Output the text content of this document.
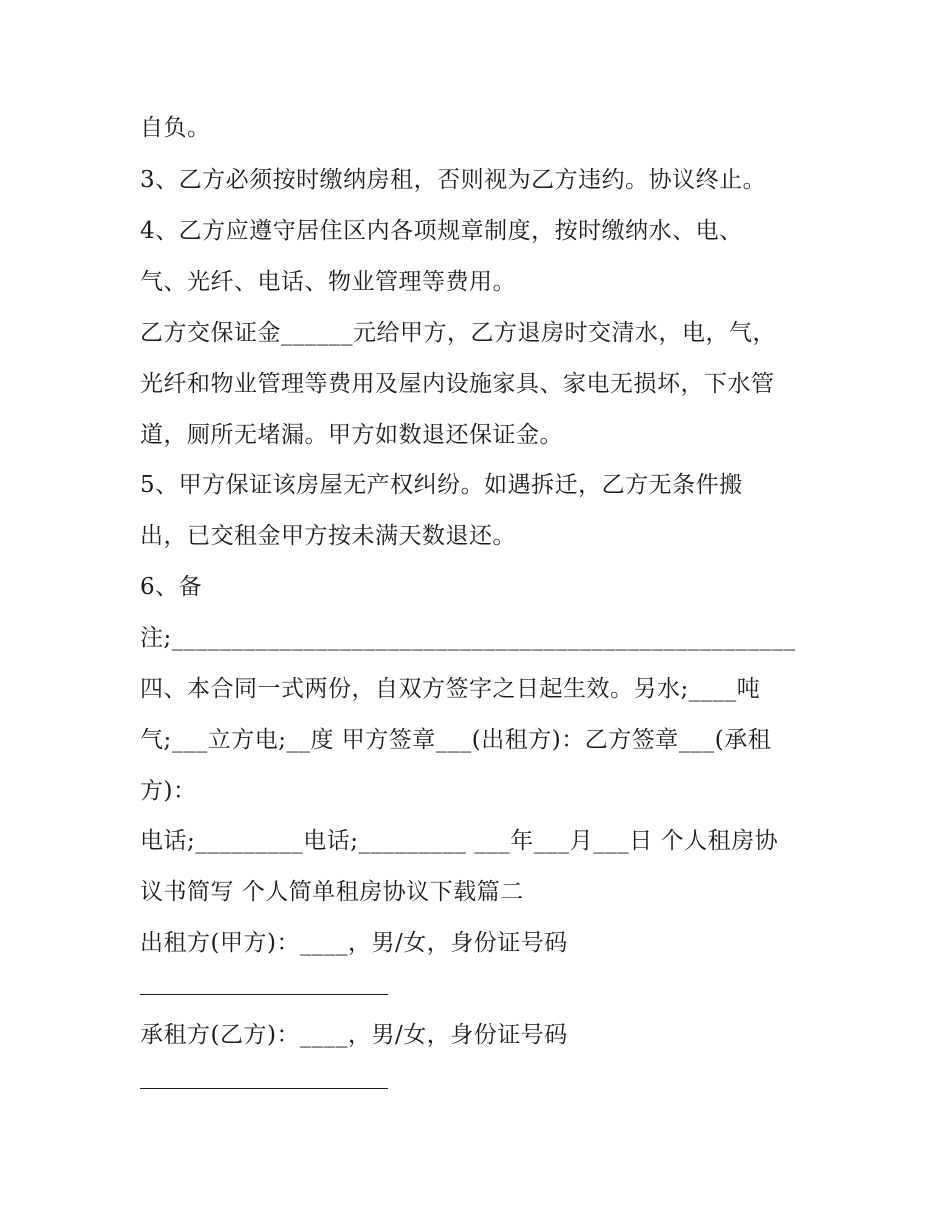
自负。
3、乙方必须按时缴纳房租，否则视为乙方违约。协议终止。
4、乙方应遵守居住区内各项规章制度，按时缴纳水、电、
气、光纤、电话、物业管理等费用。
乙方交保证金______元给甲方，乙方退房时交清水，电，气，
光纤和物业管理等费用及屋内设施家具、家电无损坏，下水管
道，厕所无堵漏。甲方如数退还保证金。
5、甲方保证该房屋无产权纠纷。如遇拆迁，乙方无条件搬
出，已交租金甲方按未满天数退还。
6、备
注;____________________________________________________
四、本合同一式两份，自双方签字之日起生效。另水;____吨
气;___立方电;__度 甲方签章___(出租方)：乙方签章___(承租
方)：
电话;_________电话;_________ ___年___月___日 个人租房协
议书简写 个人简单租房协议下载篇二
出租方(甲方)：____，男/女，身份证号码
承租方(乙方)：____，男/女，身份证号码
